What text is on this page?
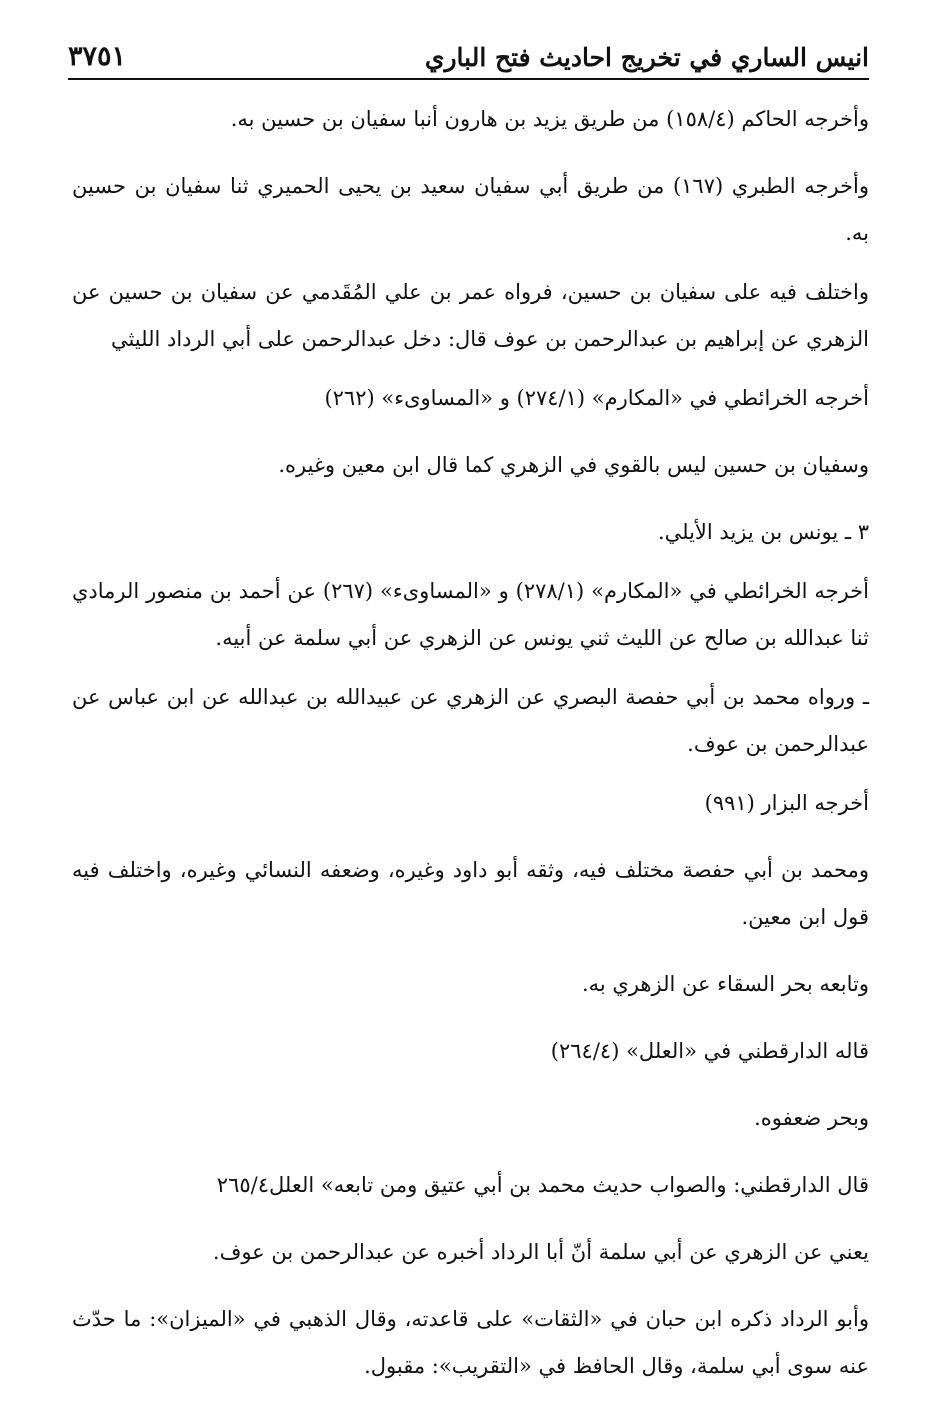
٣٧٥١	انيس الساري في تخريج احاديث فتح الباري

وأخرجه الحاكم (١٥٨/٤) من طريق يزيد بن هارون أنبا سفيان بن حسين به.

وأخرجه الطبري (١٦٧) من طريق أبي سفيان سعيد بن يحيى الحميري ثنا سفيان بن حسين به.

واختلف فيه على سفيان بن حسين، فرواه عمر بن علي المُقَدمي عن سفيان بن حسين عن الزهري عن إبراهيم بن عبدالرحمن بن عوف قال: دخل عبدالرحمن على أبي الرداد الليثي

أخرجه الخرائطي في «المكارم» (٢٧٤/١) و «المساوىء» (٢٦٢)

وسفيان بن حسين ليس بالقوي في الزهري كما قال ابن معين وغيره.

٣ ـ يونس بن يزيد الأيلي.

أخرجه الخرائطي في «المكارم» (٢٧٨/١) و «المساوىء» (٢٦٧) عن أحمد بن منصور الرمادي ثنا عبدالله بن صالح عن الليث ثني يونس عن الزهري عن أبي سلمة عن أبيه.

ـ ورواه محمد بن أبي حفصة البصري عن الزهري عن عبيدالله بن عبدالله عن ابن عباس عن عبدالرحمن بن عوف.

أخرجه البزار (٩٩١)

ومحمد بن أبي حفصة مختلف فيه، وثقه أبو داود وغيره، وضعفه النسائي وغيره، واختلف فيه قول ابن معين.

وتابعه بحر السقاء عن الزهري به.

قاله الدارقطني في «العلل» (٢٦٤/٤)

وبحر ضعفوه.

قال الدارقطني: والصواب حديث محمد بن أبي عتيق ومن تابعه» العلل٢٦٥/٤

يعني عن الزهري عن أبي سلمة أنّ أبا الرداد أخبره عن عبدالرحمن بن عوف.

وأبو الرداد ذكره ابن حبان في «الثقات» على قاعدته، وقال الذهبي في «الميزان»: ما حدّث عنه سوى أبي سلمة، وقال الحافظ في «التقريب»: مقبول.
